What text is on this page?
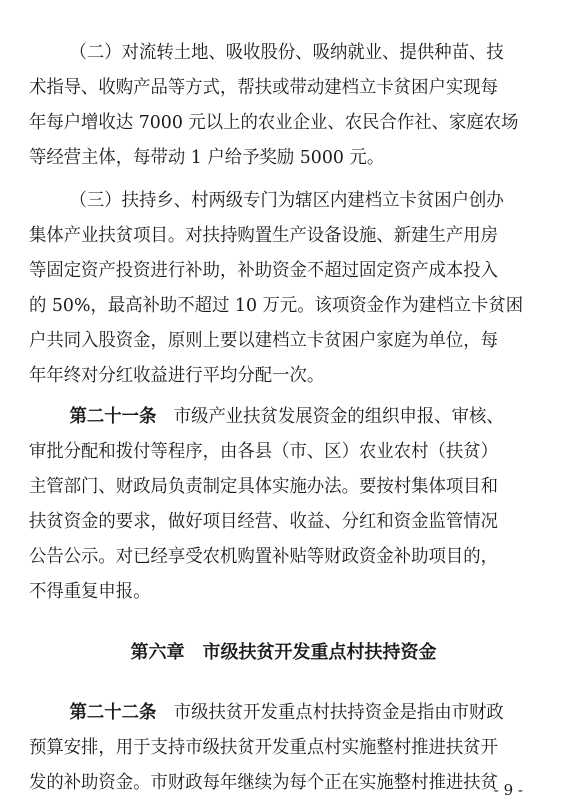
（二）对流转土地、吸收股份、吸纳就业、提供种苗、技
术指导、收购产品等方式，帮扶或带动建档立卡贫困户实现每
年每户增收达 7000 元以上的农业企业、农民合作社、家庭农场
等经营主体，每带动 1 户给予奖励 5000 元。
（三）扶持乡、村两级专门为辖区内建档立卡贫困户创办
集体产业扶贫项目。对扶持购置生产设备设施、新建生产用房
等固定资产投资进行补助，补助资金不超过固定资产成本投入
的 50%，最高补助不超过 10 万元。该项资金作为建档立卡贫困
户共同入股资金，原则上要以建档立卡贫困户家庭为单位，每
年年终对分红收益进行平均分配一次。
第二十一条　市级产业扶贫发展资金的组织申报、审核、
审批分配和拨付等程序，由各县（市、区）农业农村（扶贫）
主管部门、财政局负责制定具体实施办法。要按村集体项目和
扶贫资金的要求，做好项目经营、收益、分红和资金监管情况
公告公示。对已经享受农机购置补贴等财政资金补助项目的，
不得重复申报。
第六章　市级扶贫开发重点村扶持资金
第二十二条　市级扶贫开发重点村扶持资金是指由市财政
预算安排，用于支持市级扶贫开发重点村实施整村推进扶贫开
发的补助资金。市财政每年继续为每个正在实施整村推进扶贫
- 9 -
